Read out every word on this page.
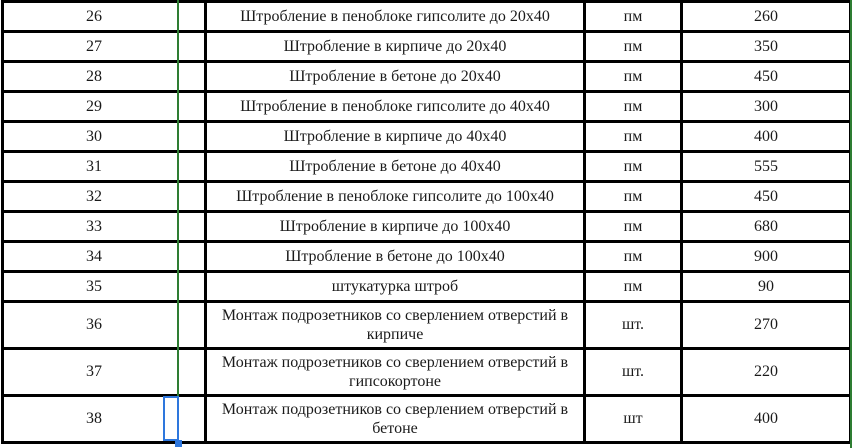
26	Штробление в пеноблоке гипсолите до 20x40	пм	260
27	Штробление в кирпиче до 20x40	пм	350
28	Штробление в бетоне до 20x40	пм	450
29	Штробление в пеноблоке гипсолите до 40x40	пм	300
30	Штробление в кирпиче до 40x40	пм	400
31	Штробление в бетоне до 40x40	пм	555
32	Штробление в пеноблоке гипсолите до 100x40	пм	450
33	Штробление в кирпиче до 100x40	пм	680
34	Штробление в бетоне до 100x40	пм	900
35	штукатурка штроб	пм	90
36	Монтаж подрозетников со сверлением отверстий в кирпиче	шт.	270
37	Монтаж подрозетников со сверлением отверстий в гипсокортоне	шт.	220
38	Монтаж подрозетников со сверлением отверстий в бетоне	шт	400
